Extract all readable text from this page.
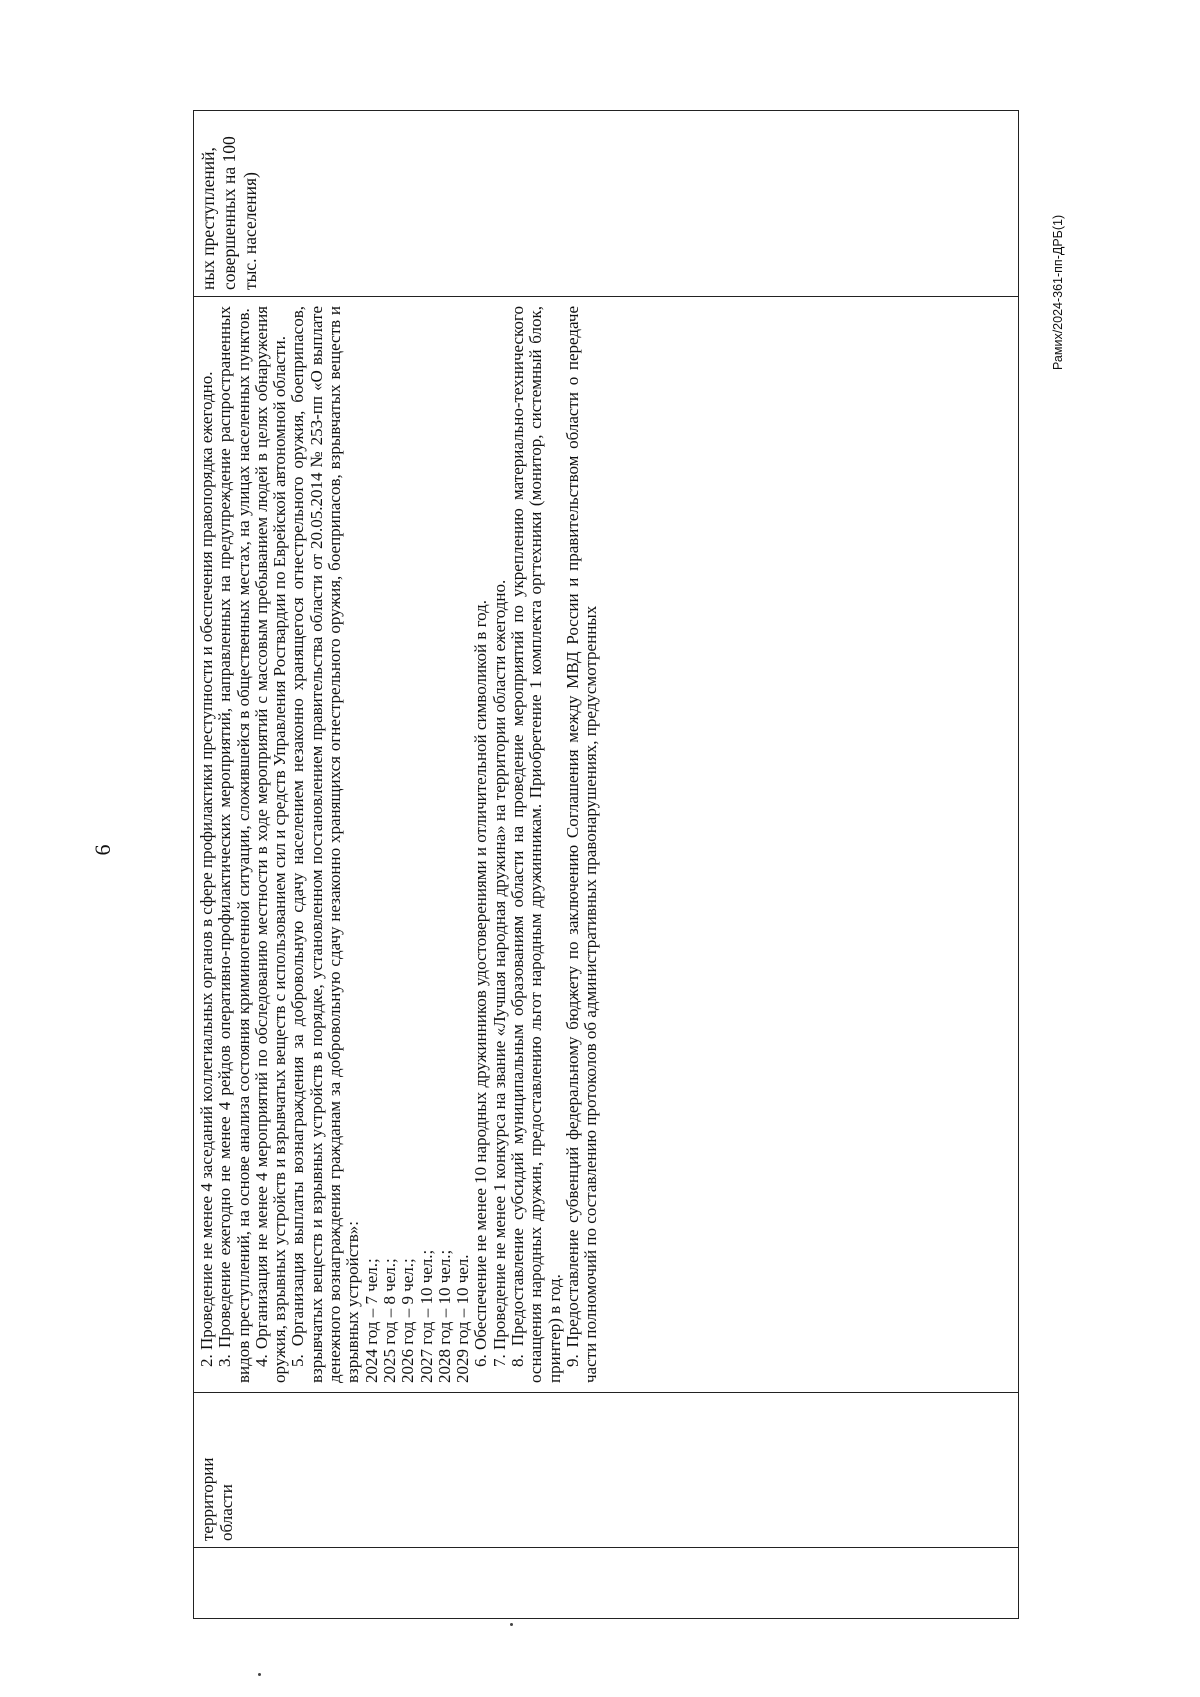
6
Рамих/2024-361-пп-ДРБ(1)
территории области

2. Проведение не менее 4 заседаний коллегиальных органов в сфере профилактики преступности и обеспечения правопорядка ежегодно. 3. Проведение ежегодно не менее 4 рейдов оперативно-профилактических мероприятий, направленных на предупреждение распространенных видов преступлений, на основе анализа состояния криминогенной ситуации, сложившейся в общественных местах, на улицах населенных пунктов. 4. Организация не менее 4 мероприятий по обследованию местности в ходе мероприятий с массовым пребыванием людей в целях обнаружения оружия, взрывных устройств и взрывчатых веществ с использованием сил и средств Управления Росгвардии по Еврейской автономной области. 5. Организация выплаты вознаграждения за добровольную сдачу населением незаконно хранящегося огнестрельного оружия, боеприпасов, взрывчатых веществ и взрывных устройств в порядке, установленном постановлением правительства области от 20.05.2014 № 253-пп «О выплате денежного вознаграждения гражданам за добровольную сдачу незаконно хранящихся огнестрельного оружия, боеприпасов, взрывчатых веществ и взрывных устройств»: 2024 год – 7 чел.; 2025 год – 8 чел.; 2026 год – 9 чел.; 2027 год – 10 чел.; 2028 год – 10 чел.; 2029 год – 10 чел. 6. Обеспечение не менее 10 народных дружинников удостоверениями и отличительной символикой в год. 7. Проведение не менее 1 конкурса на звание «Лучшая народная дружина» на территории области ежегодно. 8. Предоставление субсидий муниципальным образованиям области на проведение мероприятий по укреплению материально-технического оснащения народных дружин, предоставлению льгот народным дружинникам. Приобретение 1 комплекта оргтехники (монитор, системный блок, принтер) в год. 9. Предоставление субвенций федеральному бюджету по заключению Соглашения между МВД России и правительством области о передаче части полномочий по составлению протоколов об административных правонарушениях, предусмотренных

ных преступлений, совершенных на 100 тыс. населения)
